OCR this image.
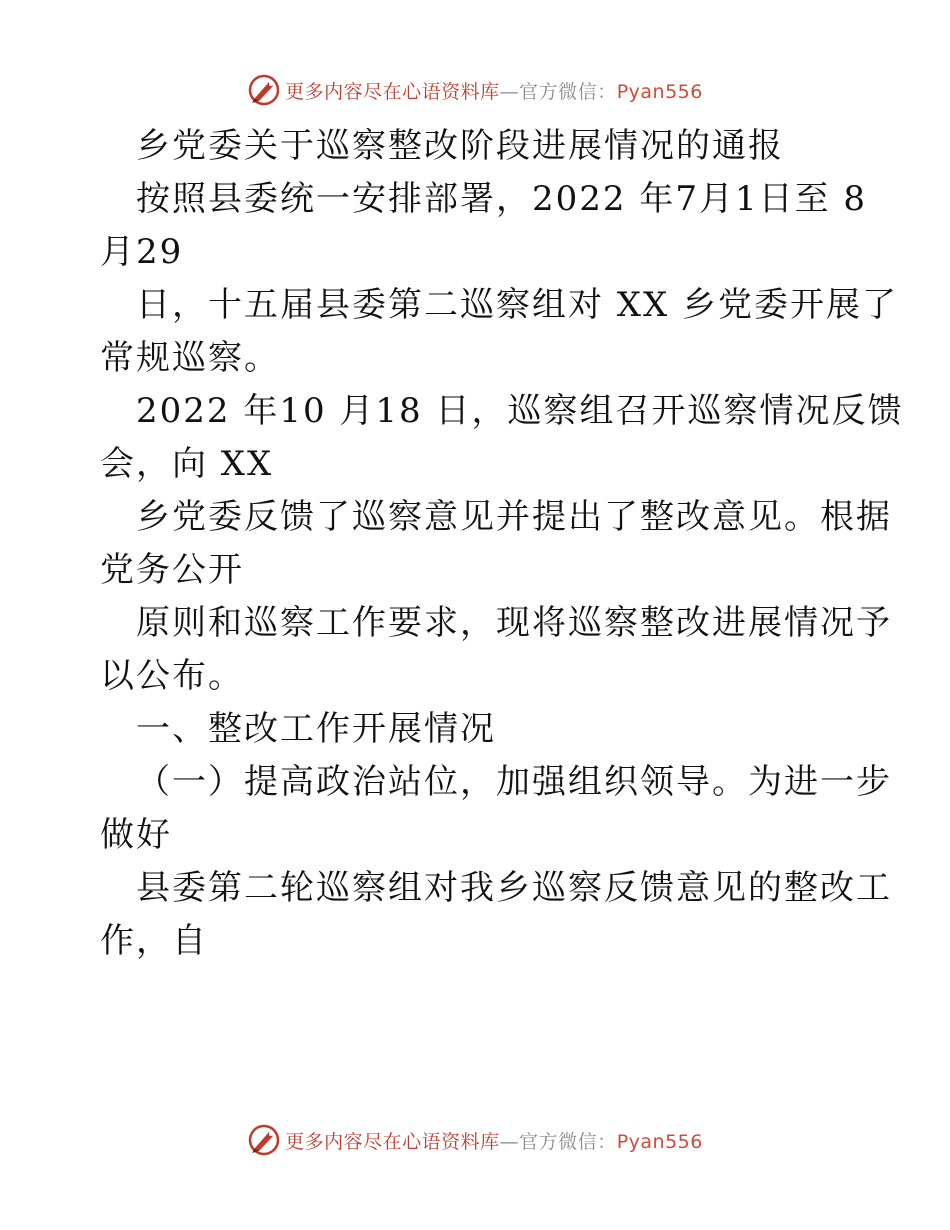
更多内容尽在心语资料库—官方微信：Pyan556
乡党委关于巡察整改阶段进展情况的通报
按照县委统一安排部署，2022 年7月1日至 8
月29
日，十五届县委第二巡察组对 XX 乡党委开展了
常规巡察。
2022 年10 月18 日，巡察组召开巡察情况反馈
会，向 XX
乡党委反馈了巡察意见并提出了整改意见。根据
党务公开
原则和巡察工作要求，现将巡察整改进展情况予
以公布。
一、整改工作开展情况
（一）提高政治站位，加强组织领导。为进一步
做好
县委第二轮巡察组对我乡巡察反馈意见的整改工
作，自
更多内容尽在心语资料库—官方微信：Pyan556
